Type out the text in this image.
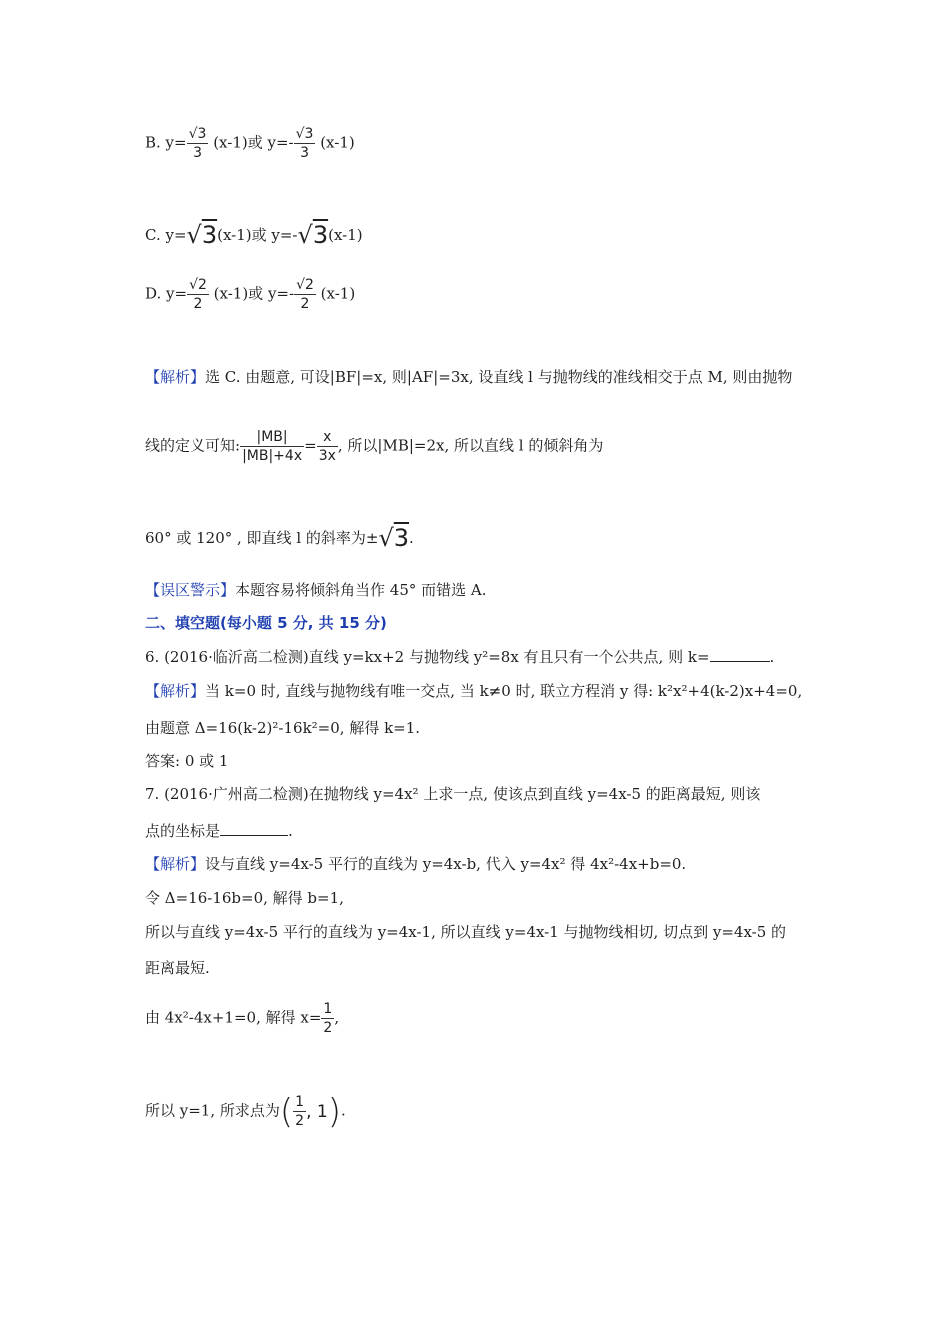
B. $y= \frac{√3}{3} (x-1)$或 $y=- \frac{√3}{3} (x-1)$
C. y=√3(x-1)或 y=-√3(x-1)
D. $y= \frac{√2}{2} (x-1)$或 $y=- \frac{√2}{2} (x-1)$
【解析】选 C. 由题意, 可设|BF|=x, 则|AF|=3x, 设直线 l 与抛物线的准线相交于点 M, 则由抛物
线的定义可知: $\frac{|MB|}{|MB|+4x} = \frac{x}{3x}$ , 所以|MB|=2x, 所以直线 l 的倾斜角为
60° 或 120° , 即直线 l 的斜率为±√3.
【误区警示】本题容易将倾斜角当作 45° 而错选 A.
二、填空题(每小题 5 分, 共 15 分)
6. (2016·临沂高二检测)直线 y=kx+2 与抛物线 y²=8x 有且只有一个公共点, 则 k=	.
【解析】当 k=0 时, 直线与抛物线有唯一交点, 当 k≠0 时, 联立方程消 y 得: k²x²+4(k-2)x+4=0,
由题意 Δ=16(k-2)²-16k²=0, 解得 k=1.
答案: 0 或 1
7. (2016·广州高二检测)在抛物线 y=4x² 上求一点, 使该点到直线 y=4x-5 的距离最短, 则该
点的坐标是	.
【解析】设与直线 y=4x-5 平行的直线为 y=4x-b, 代入 y=4x² 得 4x²-4x+b=0.
令 Δ=16-16b=0, 解得 b=1,
所以与直线 y=4x-5 平行的直线为 y=4x-1, 所以直线 y=4x-1 与抛物线相切, 切点到 y=4x-5 的
距离最短.
由 4x²-4x+1=0, 解得 $x= \frac{1}{2}$ ,
所以 y=1, 所求点为 ( $\frac{1}{2}$ , 1 ) .
